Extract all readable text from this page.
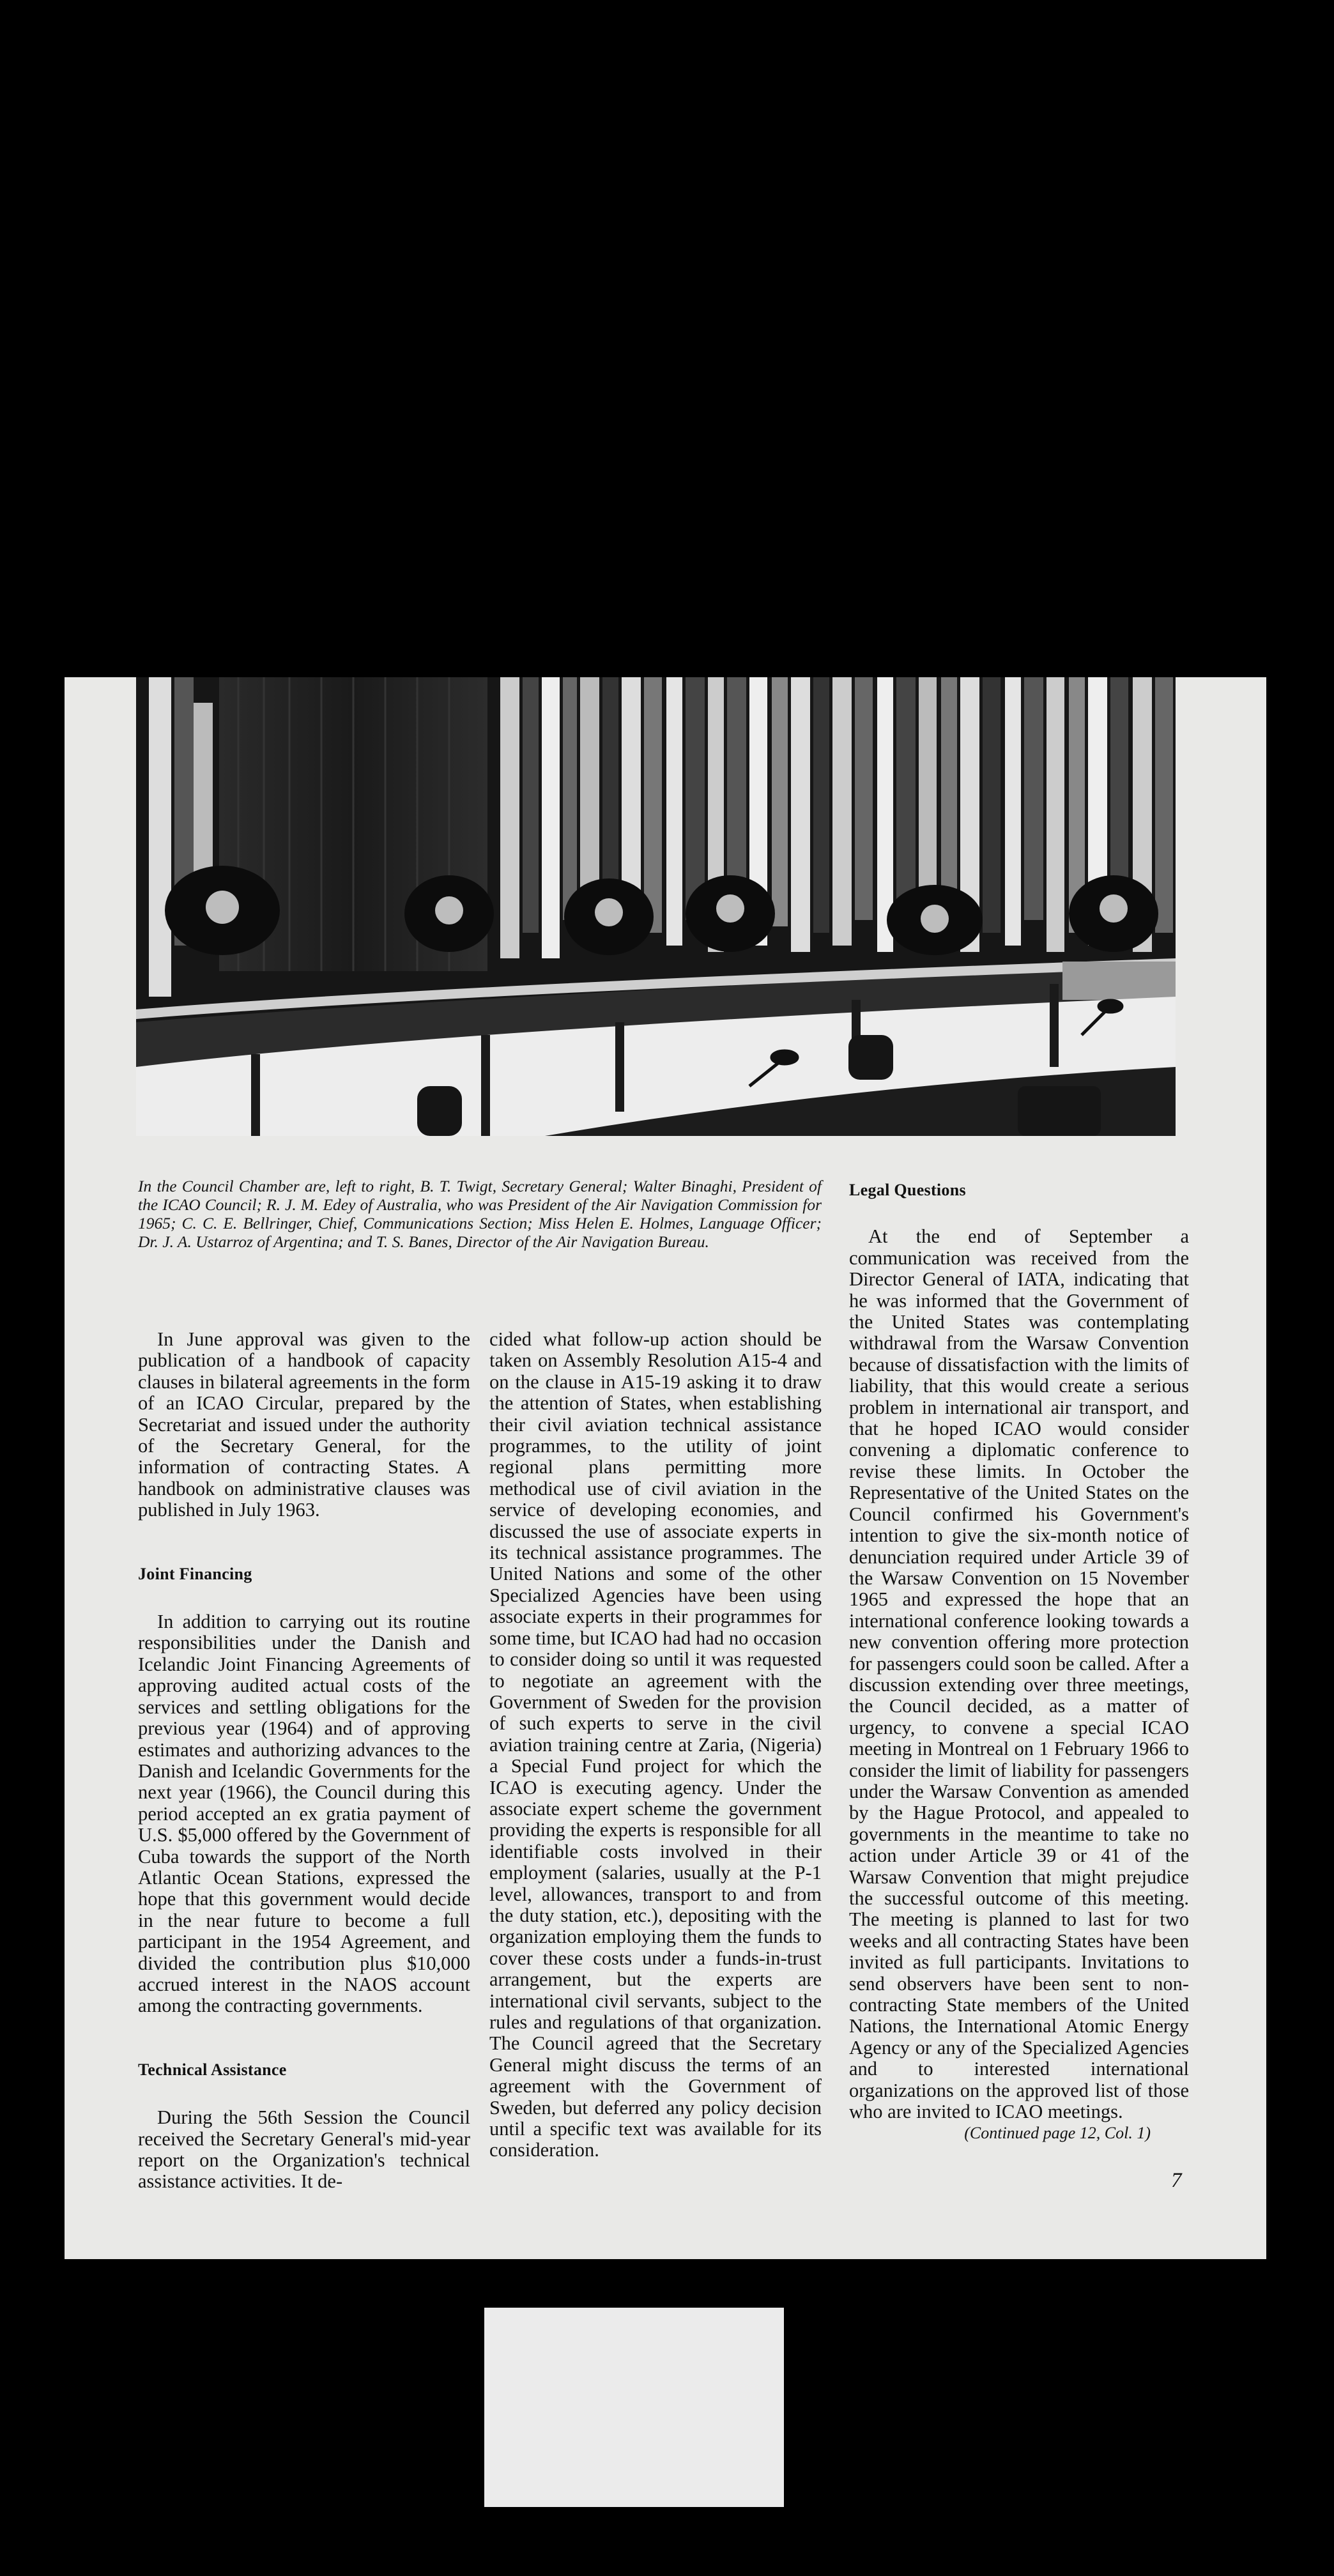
In the Council Chamber are, left to right, B. T. Twigt, Secretary General; Walter Binaghi, President of the ICAO Council; R. J. M. Edey of Australia, who was President of the Air Navigation Commission for 1965; C. C. E. Bellringer, Chief, Communications Section; Miss Helen E. Holmes, Language Officer; Dr. J. A. Ustarroz of Argentina; and T. S. Banes, Director of the Air Navigation Bureau.

In June approval was given to the publication of a handbook of capacity clauses in bilateral agreements in the form of an ICAO Circular, prepared by the Secretariat and issued under the authority of the Secretary General, for the information of contracting States. A handbook on administrative clauses was published in July 1963.

Joint Financing

In addition to carrying out its routine responsibilities under the Danish and Icelandic Joint Financing Agreements of approving audited actual costs of the services and settling obligations for the previous year (1964) and of approving estimates and authorizing advances to the Danish and Icelandic Governments for the next year (1966), the Council during this period accepted an ex gratia payment of U.S. $5,000 offered by the Government of Cuba towards the support of the North Atlantic Ocean Stations, expressed the hope that this government would decide in the near future to become a full participant in the 1954 Agreement, and divided the contribution plus $10,000 accrued interest in the NAOS account among the contracting governments.

Technical Assistance

During the 56th Session the Council received the Secretary General's mid-year report on the Organization's technical assistance activities. It de-

cided what follow-up action should be taken on Assembly Resolution A15-4 and on the clause in A15-19 asking it to draw the attention of States, when establishing their civil aviation technical assistance programmes, to the utility of joint regional plans permitting more methodical use of civil aviation in the service of developing economies, and discussed the use of associate experts in its technical assistance programmes. The United Nations and some of the other Specialized Agencies have been using associate experts in their programmes for some time, but ICAO had had no occasion to consider doing so until it was requested to negotiate an agreement with the Government of Sweden for the provision of such experts to serve in the civil aviation training centre at Zaria, (Nigeria) a Special Fund project for which the ICAO is executing agency. Under the associate expert scheme the government providing the experts is responsible for all identifiable costs involved in their employment (salaries, usually at the P-1 level, allowances, transport to and from the duty station, etc.), depositing with the organization employing them the funds to cover these costs under a funds-in-trust arrangement, but the experts are international civil servants, subject to the rules and regulations of that organization. The Council agreed that the Secretary General might discuss the terms of an agreement with the Government of Sweden, but deferred any policy decision until a specific text was available for its consideration.

Legal Questions

At the end of September a communication was received from the Director General of IATA, indicating that he was informed that the Government of the United States was contemplating withdrawal from the Warsaw Convention because of dissatisfaction with the limits of liability, that this would create a serious problem in international air transport, and that he hoped ICAO would consider convening a diplomatic conference to revise these limits. In October the Representative of the United States on the Council confirmed his Government's intention to give the six-month notice of denunciation required under Article 39 of the Warsaw Convention on 15 November 1965 and expressed the hope that an international conference looking towards a new convention offering more protection for passengers could soon be called. After a discussion extending over three meetings, the Council decided, as a matter of urgency, to convene a special ICAO meeting in Montreal on 1 February 1966 to consider the limit of liability for passengers under the Warsaw Convention as amended by the Hague Protocol, and appealed to governments in the meantime to take no action under Article 39 or 41 of the Warsaw Convention that might prejudice the successful outcome of this meeting. The meeting is planned to last for two weeks and all contracting States have been invited as full participants. Invitations to send observers have been sent to non-contracting State members of the United Nations, the International Atomic Energy Agency or any of the Specialized Agencies and to interested international organizations on the approved list of those who are invited to ICAO meetings.

(Continued page 12, Col. 1)
7
